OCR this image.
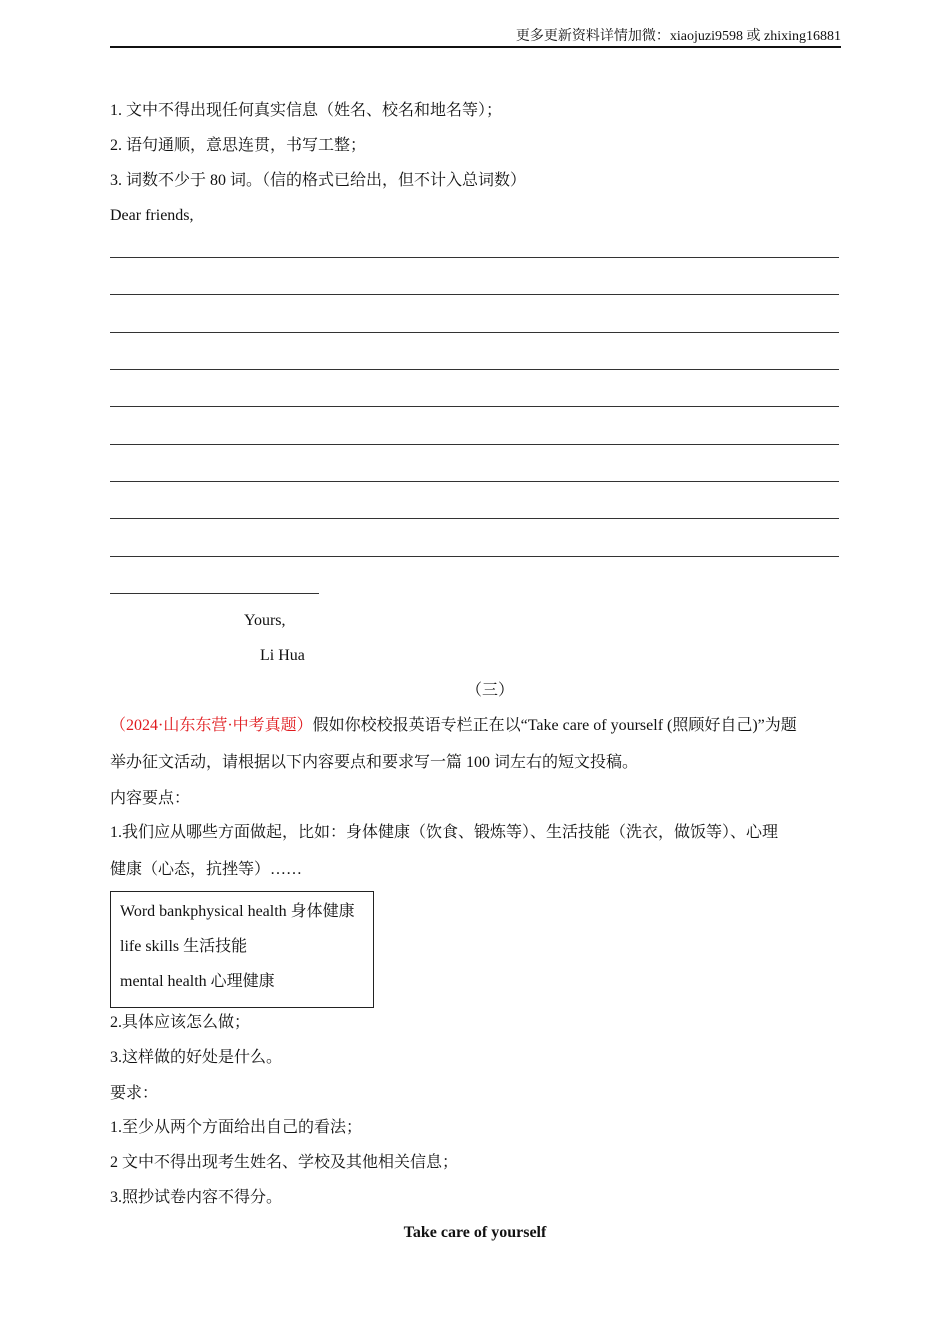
更多更新资料详情加微：xiaojuzi9598 或 zhixing16881
1. 文中不得出现任何真实信息（姓名、校名和地名等）；
2. 语句通顺，意思连贯，书写工整；
3. 词数不少于 80 词。（信的格式已给出，但不计入总词数）
Dear friends,
Yours,
Li Hua
（三）
（2024·山东东营·中考真题）假如你校校报英语专栏正在以“Take care of yourself (照顾好自己)”为题
举办征文活动，请根据以下内容要点和要求写一篇 100 词左右的短文投稿。
内容要点：
1.我们应从哪些方面做起，比如：身体健康（饮食、锻炼等）、生活技能（洗衣，做饭等）、心理
健康（心态，抗挫等）……
Word bankphysical health 身体健康
life skills 生活技能
mental health 心理健康
2.具体应该怎么做；
3.这样做的好处是什么。
要求：
1.至少从两个方面给出自己的看法；
2 文中不得出现考生姓名、学校及其他相关信息；
3.照抄试卷内容不得分。
Take care of yourself
